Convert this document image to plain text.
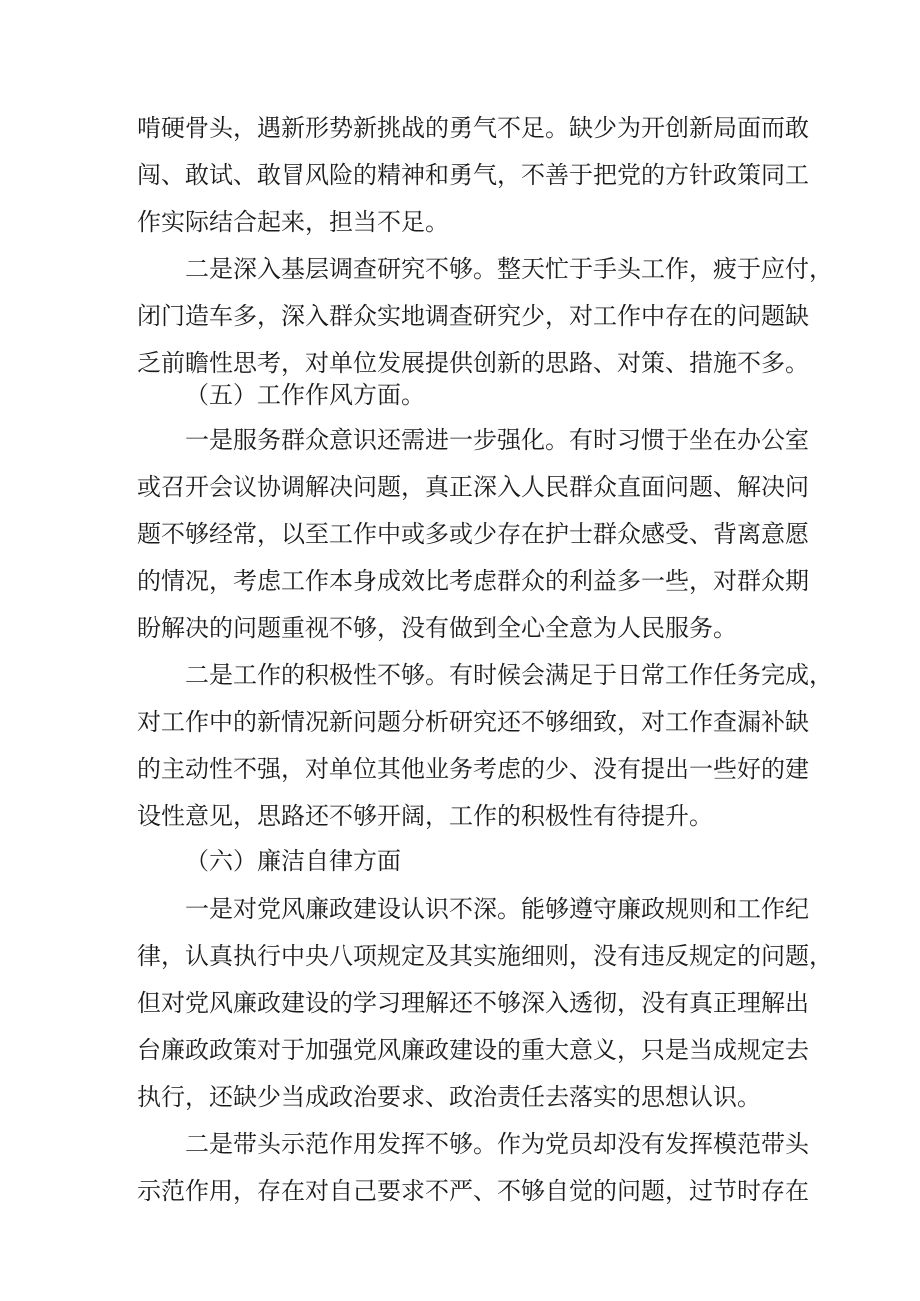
啃硬骨头，遇新形势新挑战的勇气不足。缺少为开创新局面而敢

闯、敢试、敢冒风险的精神和勇气，不善于把党的方针政策同工

作实际结合起来，担当不足。

二是深入基层调查研究不够。整天忙于手头工作，疲于应付，

闭门造车多，深入群众实地调查研究少，对工作中存在的问题缺

乏前瞻性思考，对单位发展提供创新的思路、对策、措施不多。

（五）工作作风方面。

一是服务群众意识还需进一步强化。有时习惯于坐在办公室

或召开会议协调解决问题，真正深入人民群众直面问题、解决问

题不够经常，以至工作中或多或少存在护士群众感受、背离意愿

的情况，考虑工作本身成效比考虑群众的利益多一些，对群众期

盼解决的问题重视不够，没有做到全心全意为人民服务。

二是工作的积极性不够。有时候会满足于日常工作任务完成，

对工作中的新情况新问题分析研究还不够细致，对工作查漏补缺

的主动性不强，对单位其他业务考虑的少、没有提出一些好的建

设性意见，思路还不够开阔，工作的积极性有待提升。

（六）廉洁自律方面

一是对党风廉政建设认识不深。能够遵守廉政规则和工作纪

律，认真执行中央八项规定及其实施细则，没有违反规定的问题，

但对党风廉政建设的学习理解还不够深入透彻，没有真正理解出

台廉政政策对于加强党风廉政建设的重大意义，只是当成规定去

执行，还缺少当成政治要求、政治责任去落实的思想认识。

二是带头示范作用发挥不够。作为党员却没有发挥模范带头

示范作用，存在对自己要求不严、不够自觉的问题，过节时存在
